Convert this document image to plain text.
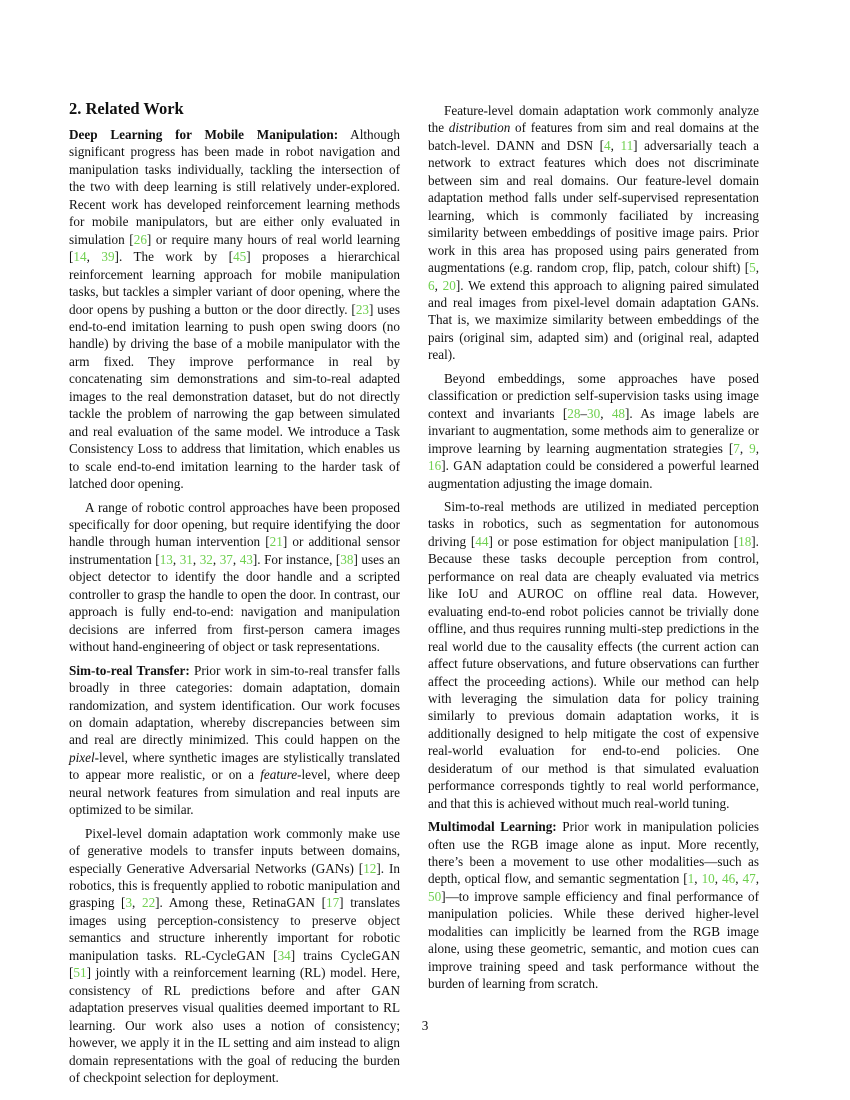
2. Related Work

Deep Learning for Mobile Manipulation: Although significant progress has been made in robot navigation and manipulation tasks individually, tackling the intersection of the two with deep learning is still relatively under-explored. Recent work has developed reinforcement learning methods for mobile manipulators, but are either only evaluated in simulation [26] or require many hours of real world learning [14, 39]. The work by [45] proposes a hierarchical reinforcement learning approach for mobile manipulation tasks, but tackles a simpler variant of door opening, where the door opens by pushing a button or the door directly. [23] uses end-to-end imitation learning to push open swing doors (no handle) by driving the base of a mobile manipulator with the arm fixed. They improve performance in real by concatenating sim demonstrations and sim-to-real adapted images to the real demonstration dataset, but do not directly tackle the problem of narrowing the gap between simulated and real evaluation of the same model. We introduce a Task Consistency Loss to address that limitation, which enables us to scale end-to-end imitation learning to the harder task of latched door opening.

A range of robotic control approaches have been proposed specifically for door opening, but require identifying the door handle through human intervention [21] or additional sensor instrumentation [13, 31, 32, 37, 43]. For instance, [38] uses an object detector to identify the door handle and a scripted controller to grasp the handle to open the door. In contrast, our approach is fully end-to-end: navigation and manipulation decisions are inferred from first-person camera images without hand-engineering of object or task representations.

Sim-to-real Transfer: Prior work in sim-to-real transfer falls broadly in three categories: domain adaptation, domain randomization, and system identification. Our work focuses on domain adaptation, whereby discrepancies between sim and real are directly minimized. This could happen on the pixel-level, where synthetic images are stylistically translated to appear more realistic, or on a feature-level, where deep neural network features from simulation and real inputs are optimized to be similar.

Pixel-level domain adaptation work commonly make use of generative models to transfer inputs between domains, especially Generative Adversarial Networks (GANs) [12]. In robotics, this is frequently applied to robotic manipulation and grasping [3, 22]. Among these, RetinaGAN [17] translates images using perception-consistency to preserve object semantics and structure inherently important for robotic manipulation tasks. RL-CycleGAN [34] trains CycleGAN [51] jointly with a reinforcement learning (RL) model. Here, consistency of RL predictions before and after GAN adaptation preserves visual qualities deemed important to RL learning. Our work also uses a notion of consistency; however, we apply it in the IL setting and aim instead to align domain representations with the goal of reducing the burden of checkpoint selection for deployment.

Feature-level domain adaptation work commonly analyze the distribution of features from sim and real domains at the batch-level. DANN and DSN [4, 11] adversarially teach a network to extract features which does not discriminate between sim and real domains. Our feature-level domain adaptation method falls under self-supervised representation learning, which is commonly faciliated by increasing similarity between embeddings of positive image pairs. Prior work in this area has proposed using pairs generated from augmentations (e.g. random crop, flip, patch, colour shift) [5, 6, 20]. We extend this approach to aligning paired simulated and real images from pixel-level domain adaptation GANs. That is, we maximize similarity between embeddings of the pairs (original sim, adapted sim) and (original real, adapted real).

Beyond embeddings, some approaches have posed classification or prediction self-supervision tasks using image context and invariants [28–30, 48]. As image labels are invariant to augmentation, some methods aim to generalize or improve learning by learning augmentation strategies [7, 9, 16]. GAN adaptation could be considered a powerful learned augmentation adjusting the image domain.

Sim-to-real methods are utilized in mediated perception tasks in robotics, such as segmentation for autonomous driving [44] or pose estimation for object manipulation [18]. Because these tasks decouple perception from control, performance on real data are cheaply evaluated via metrics like IoU and AUROC on offline real data. However, evaluating end-to-end robot policies cannot be trivially done offline, and thus requires running multi-step predictions in the real world due to the causality effects (the current action can affect future observations, and future observations can further affect the proceeding actions). While our method can help with leveraging the simulation data for policy training similarly to previous domain adaptation works, it is additionally designed to help mitigate the cost of expensive real-world evaluation for end-to-end policies. One desideratum of our method is that simulated evaluation performance corresponds tightly to real world performance, and that this is achieved without much real-world tuning.

Multimodal Learning: Prior work in manipulation policies often use the RGB image alone as input. More recently, there’s been a movement to use other modalities—such as depth, optical flow, and semantic segmentation [1, 10, 46, 47, 50]—to improve sample efficiency and final performance of manipulation policies. While these derived higher-level modalities can implicitly be learned from the RGB image alone, using these geometric, semantic, and motion cues can improve training speed and task performance without the burden of learning from scratch.

3
